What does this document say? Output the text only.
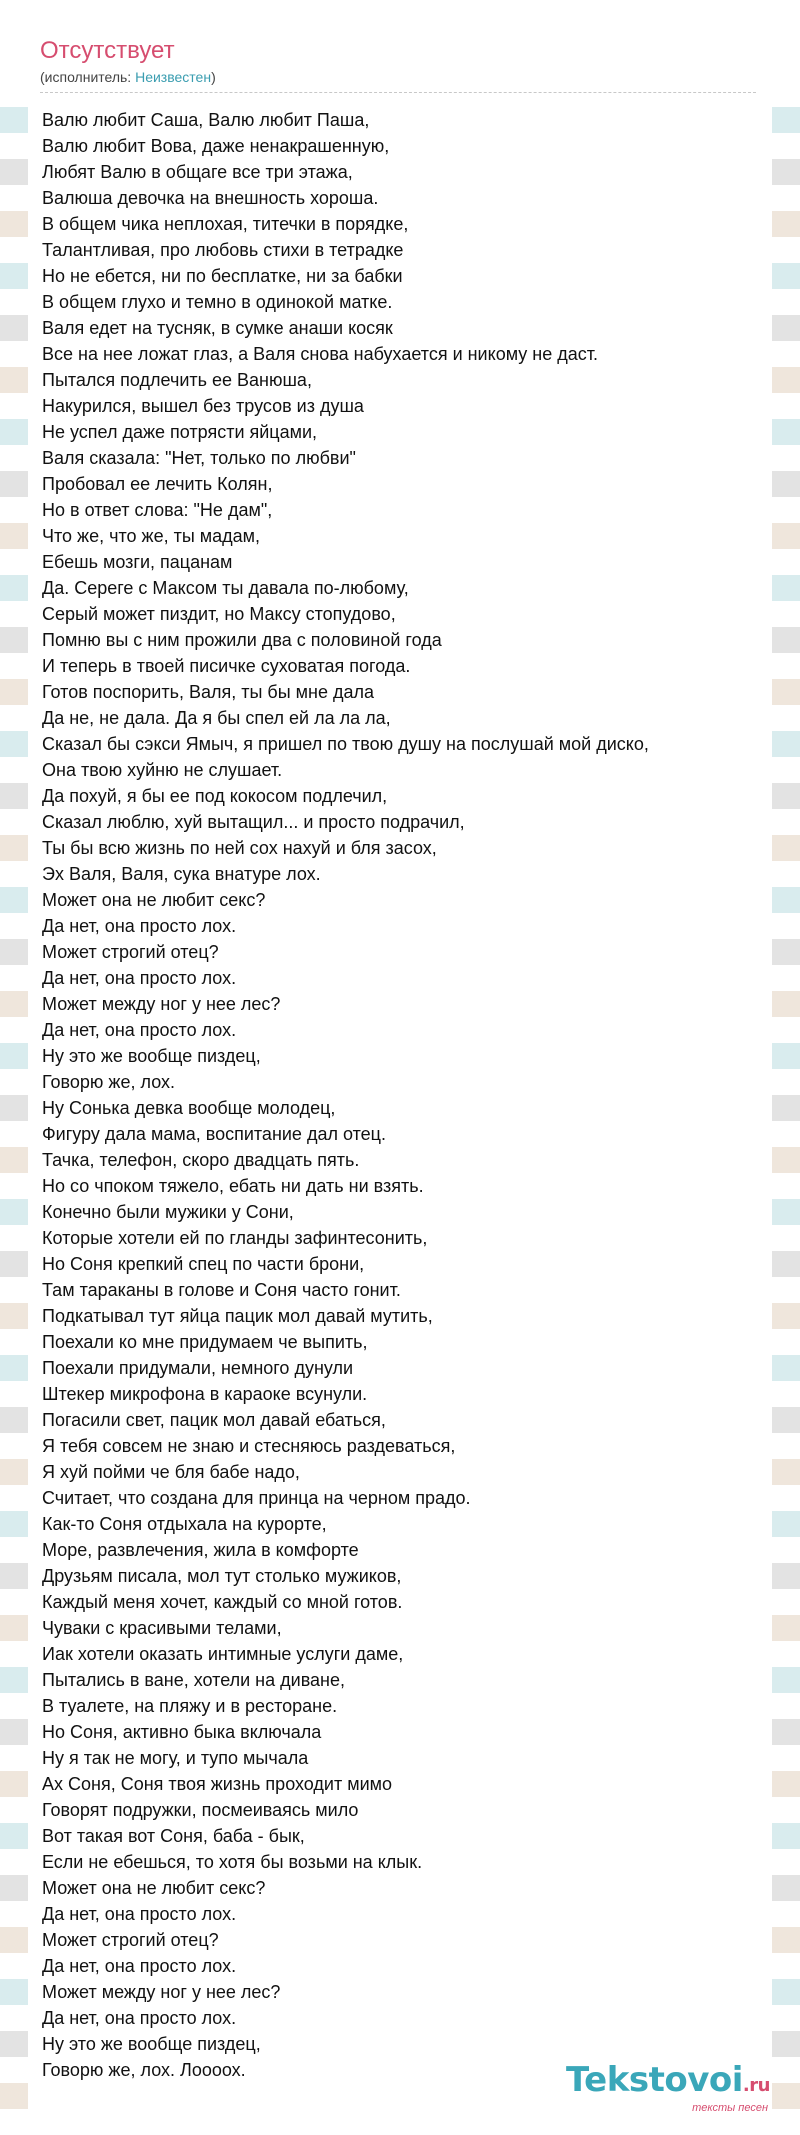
Отсутствует
(исполнитель: Неизвестен)
Валю любит Саша, Валю любит Паша,
Валю любит Вова, даже ненакрашенную,
Любят Валю в общаге все три этажа,
Валюша девочка на внешность хороша.
В общем чика неплохая, титечки в порядке,
Талантливая, про любовь стихи в тетрадке
Но не ебется, ни по бесплатке, ни за бабки
В общем глухо и темно в одинокой матке.
Валя едет на тусняк, в сумке анаши косяк
Все на нее ложат глаз, а Валя снова набухается и никому не даст.
Пытался подлечить ее Ванюша,
Накурился, вышел без трусов из душа
Не успел даже потрясти яйцами,
Валя сказала: "Нет, только по любви"
Пробовал ее лечить Колян,
Но в ответ слова: "Не дам",
Что же, что же, ты мадам,
Ебешь мозги, пацанам
Да. Сереге с Максом ты давала по-любому,
Серый может пиздит, но Максу стопудово,
Помню вы с ним прожили два с половиной года
И теперь в твоей писичке суховатая погода.
Готов поспорить, Валя, ты бы мне дала
Да не, не дала. Да я бы спел ей ла ла ла,
Сказал бы сэкси Ямыч, я пришел по твою душу на послушай мой диско,
Она твою хуйню не слушает.
Да похуй, я бы ее под кокосом подлечил,
Сказал люблю, хуй вытащил... и просто подрачил,
Ты бы всю жизнь по ней сох нахуй и бля засох,
Эх Валя, Валя, сука внатуре лох.
Может она не любит секс?
Да нет, она просто лох.
Может строгий отец?
Да нет, она просто лох.
Может между ног у нее лес?
Да нет, она просто лох.
Ну это же вообще пиздец,
Говорю же, лох.
Ну Сонька девка вообще молодец,
Фигуру дала мама, воспитание дал отец.
Тачка, телефон, скоро двадцать пять.
Но со чпоком тяжело, ебать ни дать ни взять.
Конечно были мужики у Сони,
Которые хотели ей по гланды зафинтесонить,
Но Соня крепкий спец по части брони,
Там тараканы в голове и Соня часто гонит.
Подкатывал тут яйца пацик мол давай мутить,
Поехали ко мне придумаем че выпить,
Поехали придумали, немного дунули
Штекер микрофона в караоке всунули.
Погасили свет, пацик мол давай ебаться,
Я тебя совсем не знаю и стесняюсь раздеваться,
Я хуй пойми че бля бабе надо,
Считает, что создана для принца на черном прадо.
Как-то Соня отдыхала на курорте,
Море, развлечения, жила в комфорте
Друзьям писала, мол тут столько мужиков,
Каждый меня хочет, каждый со мной готов.
Чуваки с красивыми телами,
Иак хотели оказать интимные услуги даме,
Пытались в ване, хотели на диване,
В туалете, на пляжу и в ресторане.
Но Соня, активно быка включала
Ну я так не могу, и тупо мычала
Ах Соня, Соня твоя жизнь проходит мимо
Говорят подружки, посмеиваясь мило
Вот такая вот Соня, баба - бык,
Если не ебешься, то хотя бы возьми на клык.
Может она не любит секс?
Да нет, она просто лох.
Может строгий отец?
Да нет, она просто лох.
Может между ног у нее лес?
Да нет, она просто лох.
Ну это же вообще пиздец,
Говорю же, лох. Лоооох.	Tekstovoi.ru
тексты песен
